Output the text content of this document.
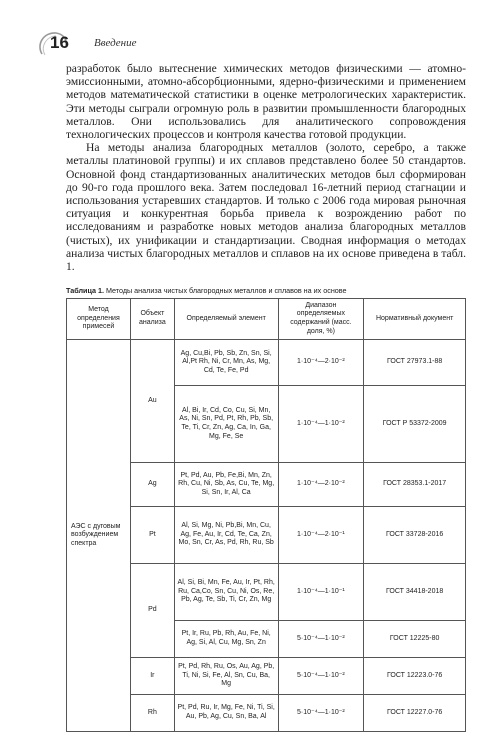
16 Введение

разработок было вытеснение химических методов физическими — атомно-эмиссионными, атомно-абсорбционными, ядерно-физическими и применением методов математической статистики в оценке метрологических характеристик. Эти методы сыграли огромную роль в развитии промышленности благородных металлов. Они использовались для аналитического сопровождения технологических процессов и контроля качества готовой продукции.

На методы анализа благородных металлов (золото, серебро, а также металлы платиновой группы) и их сплавов представлено более 50 стандартов. Основной фонд стандартизованных аналитических методов был сформирован до 90-го года прошлого века. Затем последовал 16-летний период стагнации и использования устаревших стандартов. И только с 2006 года мировая рыночная ситуация и конкурентная борьба привела к возрождению работ по исследованиям и разработке новых методов анализа благородных металлов (чистых), их унификации и стандартизации. Сводная информация о методах анализа чистых благородных металлов и сплавов на их основе приведена в табл. 1.

Таблица 1. Методы анализа чистых благородных металлов и сплавов на их основе
Метод определения примесей	Объект анализа	Определяемый элемент	Диапазон определяемых содержаний (масс. доля, %)	Нормативный документ
АЭС с дуговым возбуждением спектра	Au	Ag, Cu,Bi, Pb, Sb, Zn, Sn, Si, Al,Pt Rh, Ni, Cr, Mn, As, Mg, Cd, Te, Fe, Pd	1·10⁻⁴—2·10⁻²	ГОСТ 27973.1-88
		Al, Bi, Ir, Cd, Co, Cu, Si, Mn, As, Ni, Sn, Pd, Pt, Rh, Pb, Sb, Te, Ti, Cr, Zn, Ag, Ca, In, Ga, Mg, Fe, Se	1·10⁻⁴—1·10⁻²	ГОСТ Р 53372-2009
	Ag	Pt, Pd, Au, Pb, Fe,Bi, Mn, Zn, Rh, Cu, Ni, Sb, As, Cu, Te, Mg, Si, Sn, Ir, Al, Ca	1·10⁻⁴—2·10⁻²	ГОСТ 28353.1-2017
	Pt	Al, Si, Mg, Ni, Pb,Bi, Mn, Cu, Ag, Fe, Au, Ir, Cd, Te, Ca, Zn, Mo, Sn, Cr, As, Pd, Rh, Ru, Sb	1·10⁻⁴—2·10⁻¹	ГОСТ 33728-2016
	Pd	Al, Si, Bi, Mn, Fe, Au, Ir, Pt, Rh, Ru, Ca,Co, Sn, Cu, Ni, Os, Re, Pb, Ag, Te, Sb, Ti, Cr, Zn, Mg	1·10⁻⁴—1·10⁻¹	ГОСТ 34418-2018
		Pt, Ir, Ru, Pb, Rh, Au, Fe, Ni, Ag, Si, Al, Cu, Mg, Sn, Zn	5·10⁻⁴—1·10⁻²	ГОСТ 12225-80
	Ir	Pt, Pd, Rh, Ru, Os, Au, Ag, Pb, Ti, Ni, Si, Fe, Al, Sn, Cu, Ba, Mg	5·10⁻⁴—1·10⁻²	ГОСТ 12223.0-76
	Rh	Pt, Pd, Ru, Ir, Mg, Fe, Ni, Ti, Si, Au, Pb, Ag, Cu, Sn, Ba, Al	5·10⁻⁴—1·10⁻²	ГОСТ 12227.0-76
